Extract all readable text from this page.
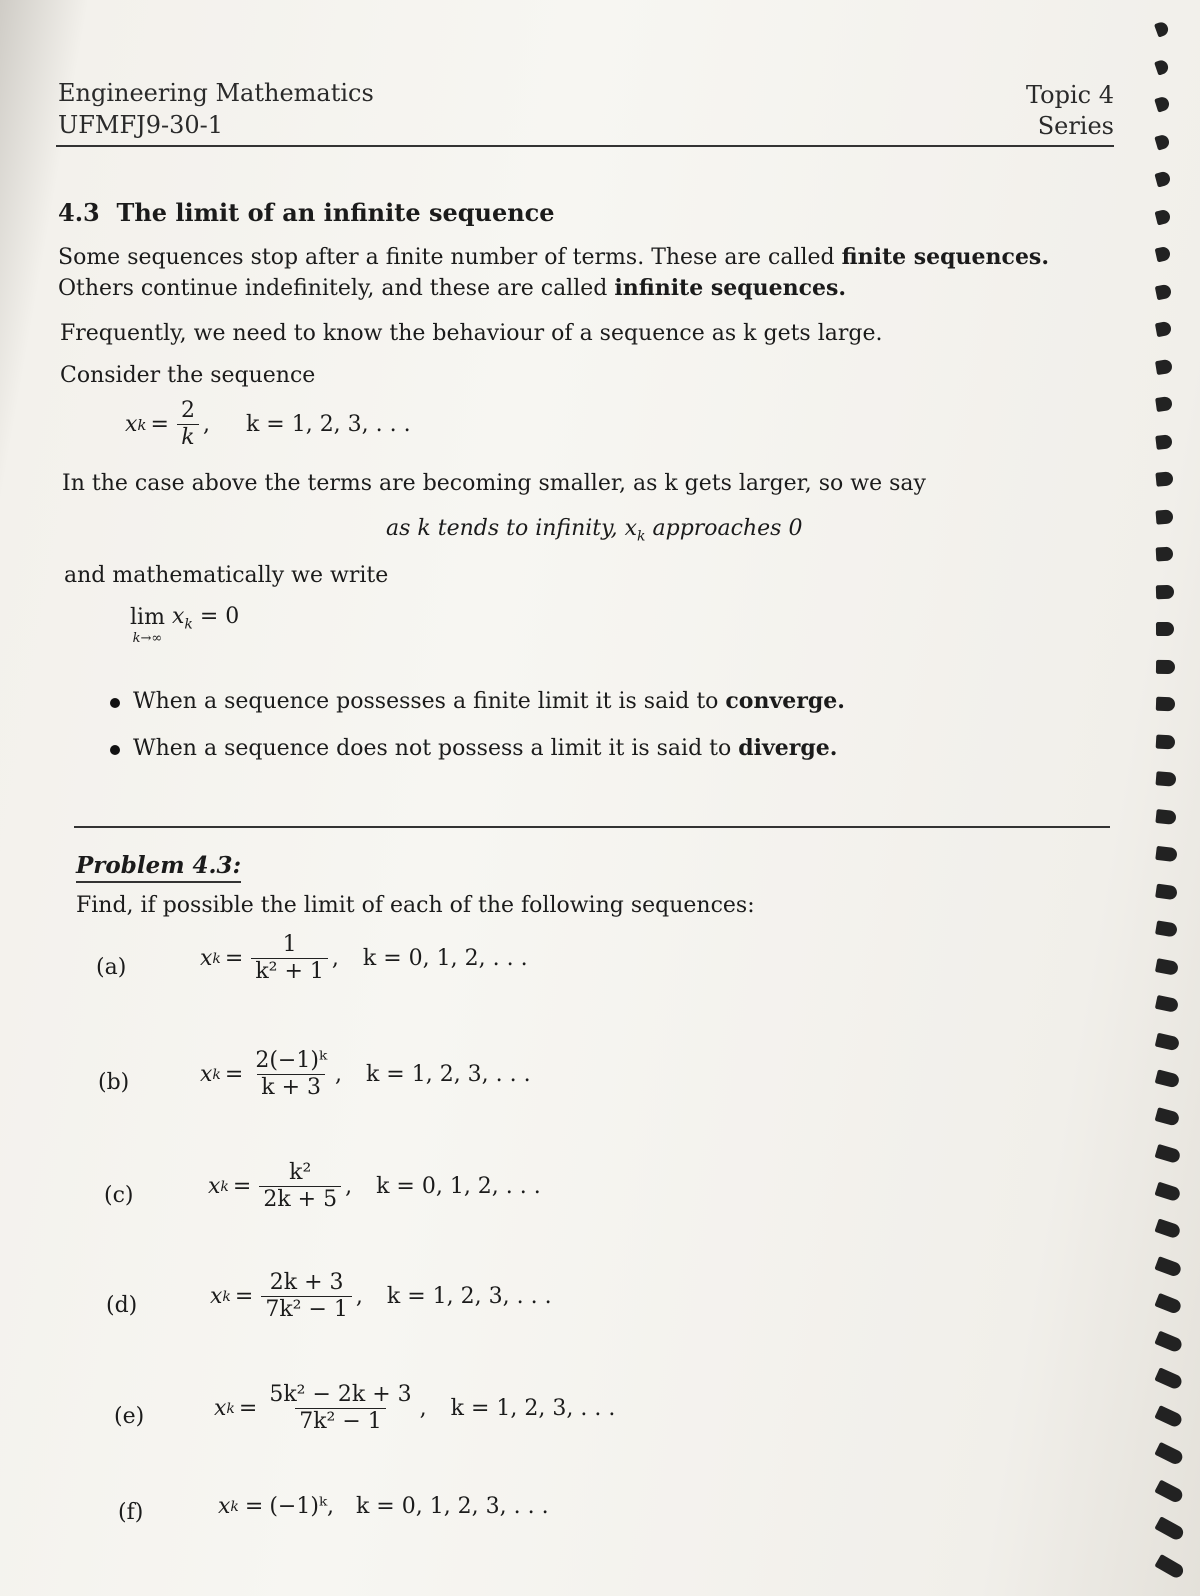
Engineering Mathematics
UFMFJ9-30-1
Topic 4
Series
4.3 The limit of an infinite sequence
Some sequences stop after a finite number of terms. These are called finite sequences. Others continue indefinitely, and these are called infinite sequences.
Frequently, we need to know the behaviour of a sequence as k gets large.
Consider the sequence
x $k = \frac{2}{k}$ , k = 1, 2, 3, . . .
In the case above the terms are becoming smaller, as k gets larger, so we say
as k tends to infinity, $x_k$ approaches 0
and mathematically we write
lim
k→∞
$x_k = 0$
When a sequence possesses a finite limit it is said to converge.
When a sequence does not possess a limit it is said to diverge.
Problem 4.3:
Find, if possible the limit of each of the following sequences:
(a)	x $k = \frac{1}{\text{k² + 1}}$ , k = 0, 1, 2, . . .
(b)	x $k = \frac{\text{2(−1)ᵏ}}{k + 3}$ , k = 1, 2, 3, . . .
(c)	x $k = \frac{\text{k²}}{2k + 5}$ , k = 0, 1, 2, . . .
(d)	x $k = \frac{2k + 3}{\text{7k² − 1}}$ , k = 1, 2, 3, . . .
(e)	x $k = \frac{\text{5k² − 2k + 3}}{\text{7k² − 1}}$ , k = 1, 2, 3, . . .
(f)	x k = (−1)ᵏ , k = 0, 1, 2, 3, . . .
